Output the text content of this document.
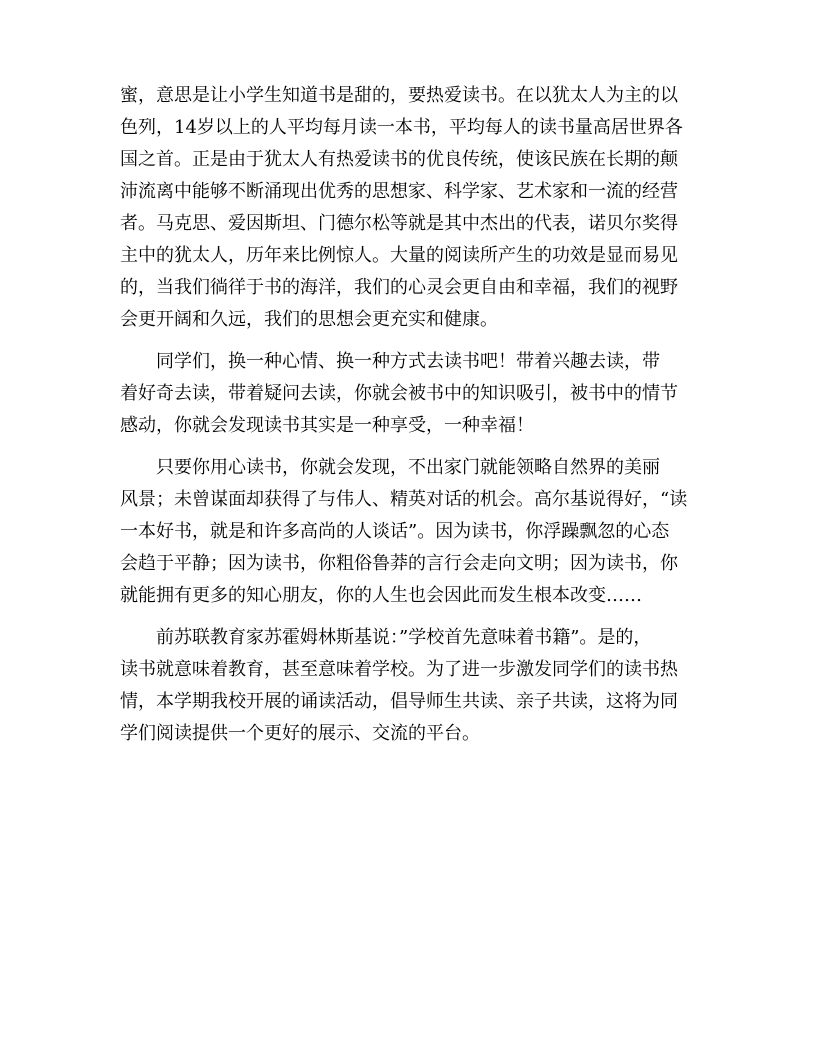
蜜，意思是让小学生知道书是甜的，要热爱读书。在以犹太人为主的以
色列，14岁以上的人平均每月读一本书，平均每人的读书量高居世界各
国之首。正是由于犹太人有热爱读书的优良传统，使该民族在长期的颠
沛流离中能够不断涌现出优秀的思想家、科学家、艺术家和一流的经营
者。马克思、爱因斯坦、门德尔松等就是其中杰出的代表，诺贝尔奖得
主中的犹太人，历年来比例惊人。大量的阅读所产生的功效是显而易见
的，当我们徜徉于书的海洋，我们的心灵会更自由和幸福，我们的视野
会更开阔和久远，我们的思想会更充实和健康。
同学们，换一种心情、换一种方式去读书吧！带着兴趣去读，带
着好奇去读，带着疑问去读，你就会被书中的知识吸引，被书中的情节
感动，你就会发现读书其实是一种享受，一种幸福！
只要你用心读书，你就会发现，不出家门就能领略自然界的美丽
风景；未曾谋面却获得了与伟人、精英对话的机会。高尔基说得好，“读
一本好书，就是和许多高尚的人谈话”。因为读书，你浮躁飘忽的心态
会趋于平静；因为读书，你粗俗鲁莽的言行会走向文明；因为读书，你
就能拥有更多的知心朋友，你的人生也会因此而发生根本改变……
前苏联教育家苏霍姆林斯基说：”学校首先意味着书籍”。是的，
读书就意味着教育，甚至意味着学校。为了进一步激发同学们的读书热
情，本学期我校开展的诵读活动，倡导师生共读、亲子共读，这将为同
学们阅读提供一个更好的展示、交流的平台。
